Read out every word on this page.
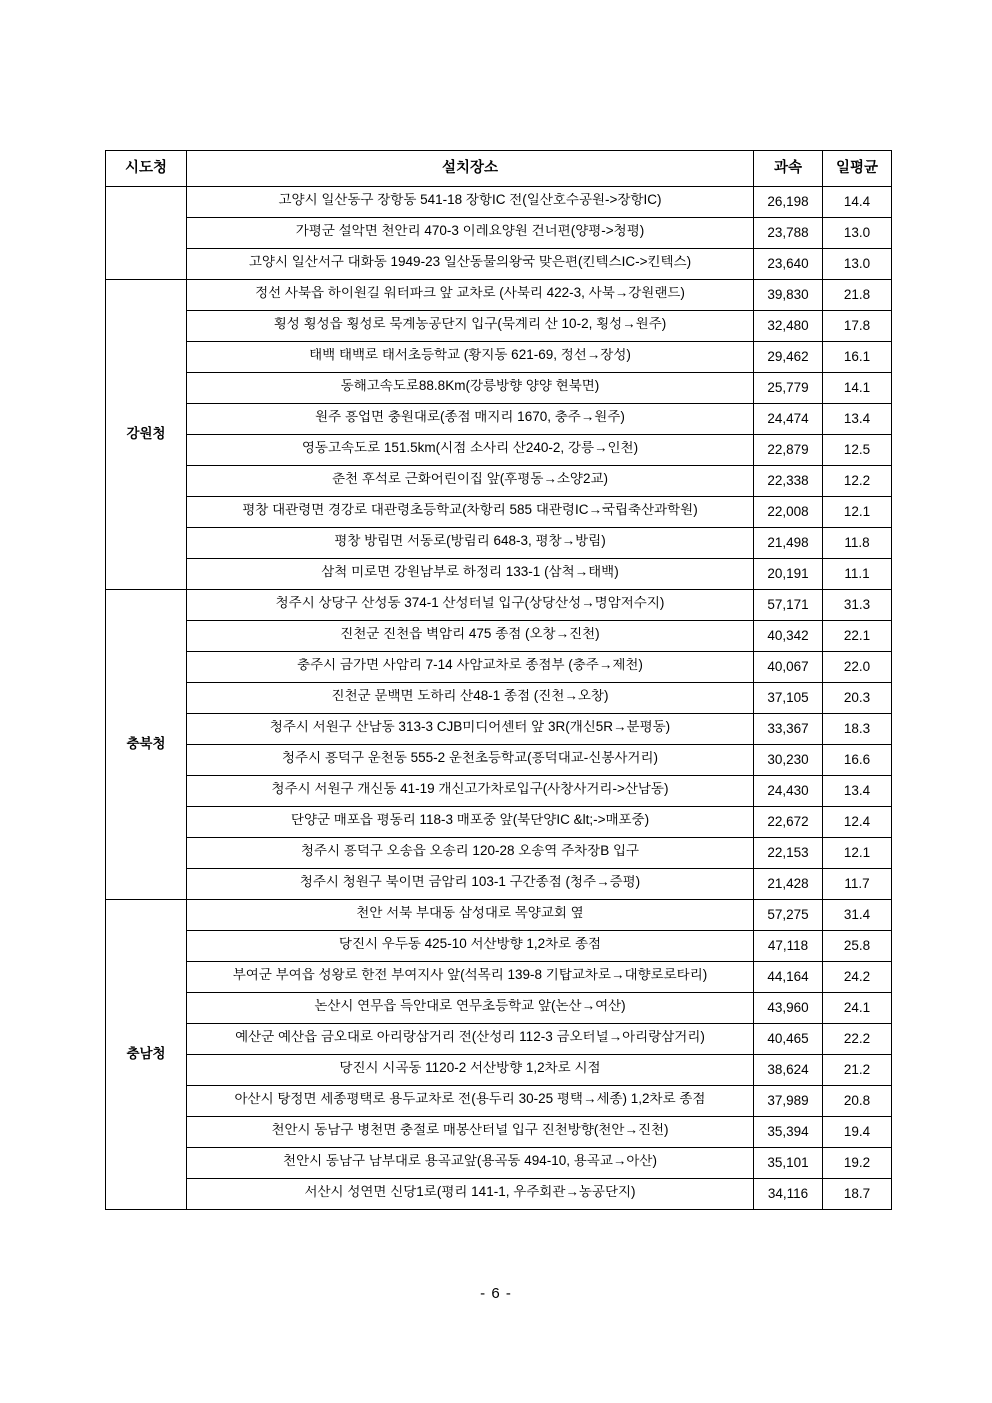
시도청	설치장소	과속	일평균
	고양시 일산동구 장항동 541-18 장항IC 전(일산호수공원->장항IC)	26,198	14.4
	가평군 설악면 천안리 470-3 이레요양원 건너편(양평->청평)	23,788	13.0
	고양시 일산서구 대화동 1949-23 일산동물의왕국 맞은편(킨텍스IC->킨텍스)	23,640	13.0
강원청	정선 사북읍 하이원길 워터파크 앞 교차로 (사북리 422-3, 사북→강원랜드)	39,830	21.8
	횡성 횡성읍 횡성로 묵계농공단지 입구(묵계리 산 10-2, 횡성→원주)	32,480	17.8
	태백 태백로 태서초등학교 (황지동 621-69, 정선→장성)	29,462	16.1
	동해고속도로88.8Km(강릉방향 양양 현북면)	25,779	14.1
	원주 흥업면 충원대로(종점 매지리 1670, 충주→원주)	24,474	13.4
	영동고속도로 151.5km(시점 소사리 산240-2, 강릉→인천)	22,879	12.5
	춘천 후석로 근화어린이집 앞(후평동→소양2교)	22,338	12.2
	평창 대관령면 경강로 대관령초등학교(차항리 585 대관령IC→국립축산과학원)	22,008	12.1
	평창 방림면 서동로(방림리 648-3, 평창→방림)	21,498	11.8
	삼척 미로면 강원남부로 하정리 133-1 (삼척→태백)	20,191	11.1
충북청	청주시 상당구 산성동 374-1 산성터널 입구(상당산성→명암저수지)	57,171	31.3
	진천군 진천읍 벽암리 475 종점 (오창→진천)	40,342	22.1
	충주시 금가면 사암리 7-14 사암교차로 종점부 (충주→제천)	40,067	22.0
	진천군 문백면 도하리 산48-1 종점 (진천→오창)	37,105	20.3
	청주시 서원구 산남동 313-3 CJB미디어센터 앞 3R(개신5R→분평동)	33,367	18.3
	청주시 흥덕구 운천동 555-2 운천초등학교(흥덕대교-신봉사거리)	30,230	16.6
	청주시 서원구 개신동 41-19 개신고가차로입구(사창사거리->산남동)	24,430	13.4
	단양군 매포읍 평동리 118-3 매포중 앞(북단양IC &lt;->매포중)	22,672	12.4
	청주시 흥덕구 오송읍 오송리 120-28 오송역 주차장B 입구	22,153	12.1
	청주시 청원구 북이면 금암리 103-1 구간종점 (청주→증평)	21,428	11.7
충남청	천안 서북 부대동 삼성대로 목양교회 옆	57,275	31.4
	당진시 우두동 425-10 서산방향 1,2차로 종점	47,118	25.8
	부여군 부여읍 성왕로 한전 부여지사 앞(석목리 139-8 기탑교차로→대향로로타리)	44,164	24.2
	논산시 연무읍 득안대로 연무초등학교 앞(논산→여산)	43,960	24.1
	예산군 예산읍 금오대로 아리랑삼거리 전(산성리 112-3 금오터널→아리랑삼거리)	40,465	22.2
	당진시 시곡동 1120-2 서산방향 1,2차로 시점	38,624	21.2
	아산시 탕정면 세종평택로 용두교차로 전(용두리 30-25 평택→세종) 1,2차로 종점	37,989	20.8
	천안시 동남구 병천면 충절로 매봉산터널 입구 진천방향(천안→진천)	35,394	19.4
	천안시 동남구 남부대로 용곡교앞(용곡동 494-10, 용곡교→아산)	35,101	19.2
	서산시 성연면 신당1로(평리 141-1, 우주회관→농공단지)	34,116	18.7
- 6 -
